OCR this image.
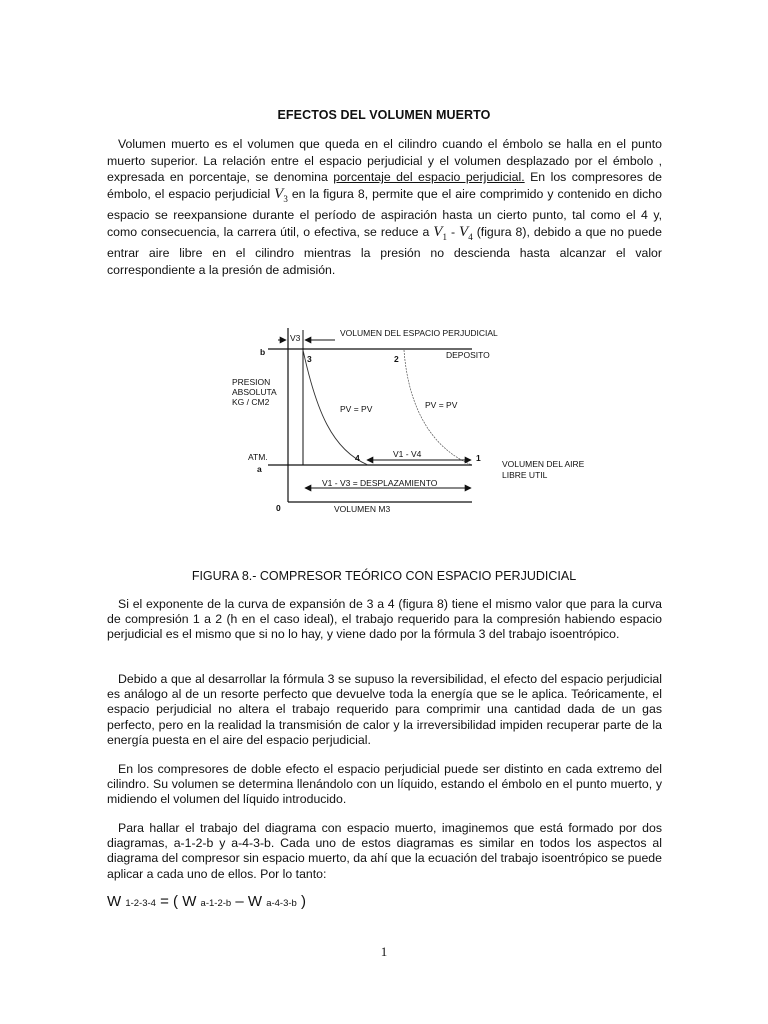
EFECTOS DEL VOLUMEN MUERTO
Volumen muerto es el volumen que queda en el cilindro cuando el émbolo se halla en el punto muerto superior. La relación entre el espacio perjudicial y el volumen desplazado por el émbolo , expresada en porcentaje, se denomina porcentaje del espacio perjudicial. En los compresores de émbolo, el espacio perjudicial $V_3$ en la figura 8, permite que el aire comprimido y contenido en dicho espacio se reexpansione durante el período de aspiración hasta un cierto punto, tal como el 4 y, como consecuencia, la carrera útil, o efectiva, se reduce a $V_1 - V_4$ (figura 8), debido a que no puede entrar aire libre en el cilindro mientras la presión no descienda hasta alcanzar el valor correspondiente a la presión de admisión.
V3	VOLUMEN DEL ESPACIO PERJUDICIAL
DEPOSITO
b
3	2
PRESION
ABSOLUTA
KG / CM2
PV = PV	PV = PV
ATM.
a
4	1
V1 - V4
VOLUMEN DEL AIRE
LIBRE UTIL
V1 - V3 = DESPLAZAMIENTO
0	VOLUMEN M3
FIGURA 8.- COMPRESOR TEÓRICO CON ESPACIO PERJUDICIAL
Si el exponente de la curva de expansión de 3 a 4 (figura 8) tiene el mismo valor que para la curva de compresión 1 a 2 (h en el caso ideal), el trabajo requerido para la compresión habiendo espacio perjudicial es el mismo que si no lo hay, y viene dado por la fórmula 3 del trabajo isoentrópico.
Debido a que al desarrollar la fórmula 3 se supuso la reversibilidad, el efecto del espacio perjudicial es análogo al de un resorte perfecto que devuelve toda la energía que se le aplica. Teóricamente, el espacio perjudicial no altera el trabajo requerido para comprimir una cantidad dada de un gas perfecto, pero en la realidad la transmisión de calor y la irreversibilidad impiden recuperar parte de la energía puesta en el aire del espacio perjudicial.
En los compresores de doble efecto el espacio perjudicial puede ser distinto en cada extremo del cilindro. Su volumen se determina llenándolo con un líquido, estando el émbolo en el punto muerto, y midiendo el volumen del líquido introducido.
Para hallar el trabajo del diagrama con espacio muerto, imaginemos que está formado por dos diagramas, a-1-2-b y a-4-3-b. Cada uno de estos diagramas es similar en todos los aspectos al diagrama del compresor sin espacio muerto, da ahí que la ecuación del trabajo isoentrópico se puede aplicar a cada uno de ellos. Por lo tanto:
W 1-2-3-4 = ( W a-1-2-b – W a-4-3-b )
1
